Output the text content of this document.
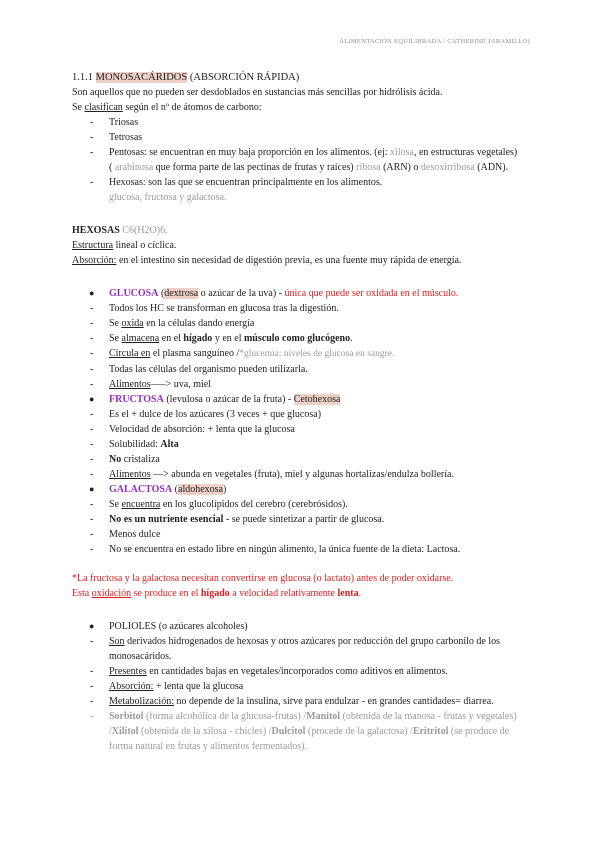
ALIMENTACIÓN EQUILIBRADA / CATHERINE JARAMILLO)

1.1.1 MONOSACÁRIDOS (ABSORCIÓN RÁPIDA)

Son aquellos que no pueden ser desdoblados en sustancias más sencillas por hidrólisis ácida.

Se clasifican según el nº de átomos de carbono:

- Triosas
- Tetrosas
- Pentosas: se encuentran en muy baja proporción en los alimentos. (ej: xilosa, en estructuras vegetales) ( arabinosa que forma parte de las pectinas de frutas y raíces) ribosa (ARN) o desoxirribosa (ADN).
- Hexosas: son las que se encuentran principalmente en los alimentos.

glucosa, fructosa y galactosa.

HEXOSAS C6(H2O)6.

Estructura lineal o cíclica.

Absorción: en el intestino sin necesidad de digestión previa, es una fuente muy rápida de energía.

● GLUCOSA (dextrosa o azúcar de la uva) - única que puede ser oxidada en el músculo.
- Todos los HC se transforman en glucosa tras la digestión.
- Se oxida en la células dando energía
- Se almacena en el hígado y en el músculo como glucógeno.
- Circula en el plasma sanguíneo /*glucemia: niveles de glucosa en sangre.
- Todas las células del organismo pueden utilizarla.
- Alimentos—–> uva, miel
● FRUCTOSA (levulosa o azúcar de la fruta) - Cetohexosa
- Es el + dulce de los azúcares (3 veces + que glucosa)
- Velocidad de absorción: + lenta que la glucosa
- Solubilidad: Alta
- No cristaliza
- Alimentos —> abunda en vegetales (fruta), miel y algunas hortalizas/endulza bollería.
● GALACTOSA (aldohexosa)
- Se encuentra en los glucolípidos del cerebro (cerebrósidos).
- No es un nutriente esencial - se puede sintetizar a partir de glucosa.
- Menos dulce
- No se encuentra en estado libre en ningún alimento, la única fuente de la dieta: Lactosa.

*La fructosa y la galactosa necesitan convertirse en glucosa (o lactato) antes de poder oxidarse.

Esta oxidación se produce en el hígado a velocidad relativamente lenta.

● POLIOLES (o azúcares alcoholes)
- Son derivados hidrogenados de hexosas y otros azúcares por reducción del grupo carbonilo de los monosacáridos.
- Presentes en cantidades bajas en vegetales/incorporados como aditivos en alimentos.
- Absorción: + lenta que la glucosa
- Metabolización: no depende de la insulina, sirve para endulzar - en grandes cantidades= diarrea.
- Sorbitol (forma alcohólica de la glucosa-frutas) /Manitol (obtenida de la manosa - frutas y vegetales) /Xilitol (obtenida de la xilosa - chicles) /Dulcitol (procede de la galactosa) /Eritritol (se produce de forma natural en frutas y alimentos fermentados).
